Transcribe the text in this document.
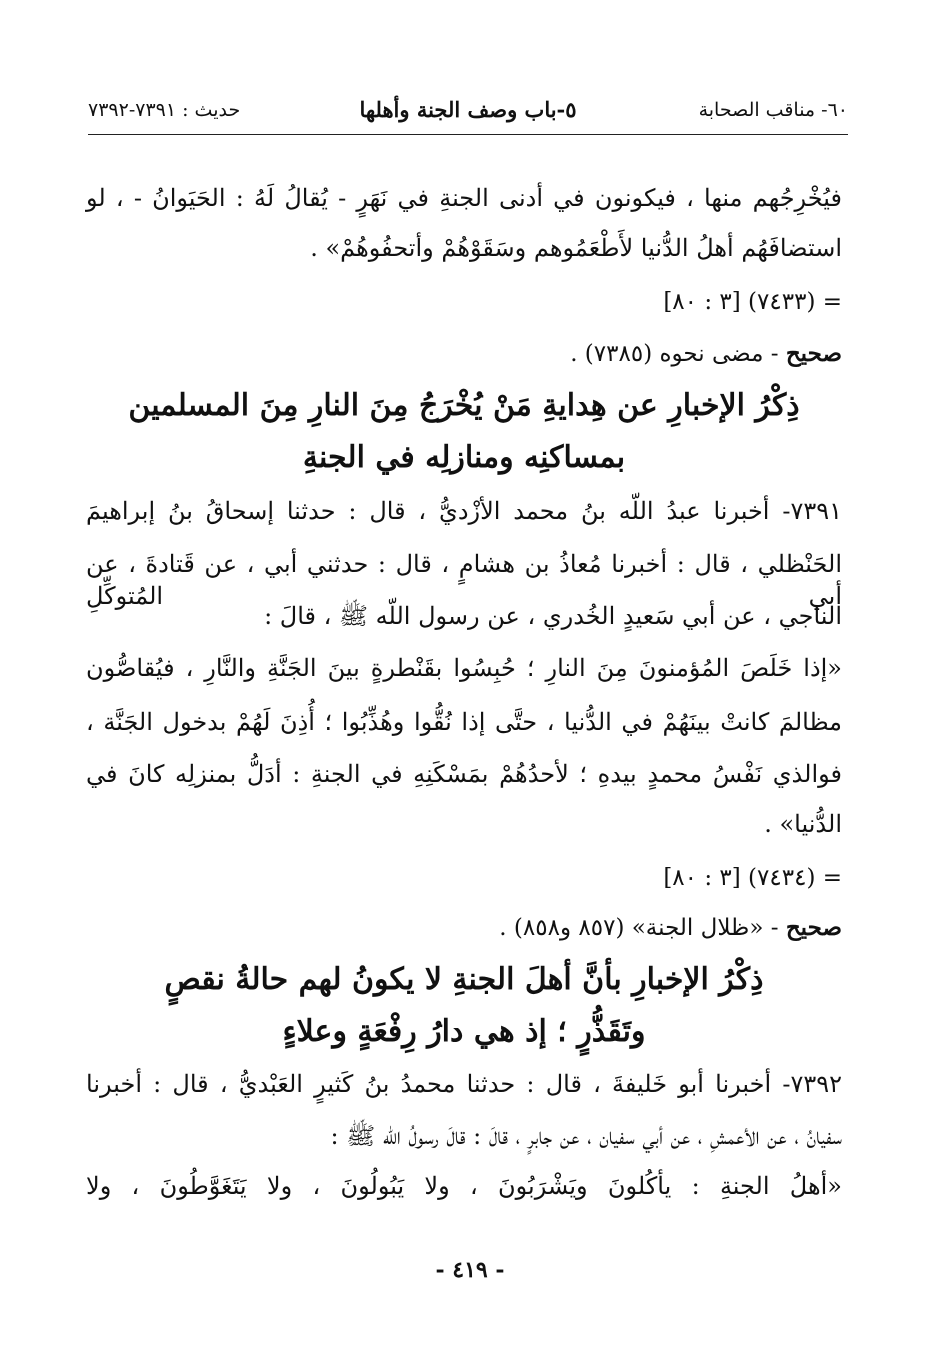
٦٠- مناقب الصحابة
٥-باب وصف الجنة وأهلها
حديث : ٧٣٩١-٧٣٩٢
فيُخْرِجُهم منها ، فيكونون في أدنى الجنةِ في نَهَرٍ - يُقالُ لَهُ : الحَيَوانُ - ، لو
استضافَهُم أهلُ الدُّنيا لأَطْعَمُوهم وسَقَوْهُمْ وأتحفُوهُمْ» .
= (٧٤٣٣) [٣ : ٨٠]
صحيح - مضى نحوه (٧٣٨٥) .
ذِكْرُ الإخبارِ عن هِدايةِ مَنْ يُخْرَجُ مِنَ النارِ مِنَ المسلمين
بمساكنِه ومنازلِه في الجنةِ
٧٣٩١- أخبرنا عبدُ اللّه بنُ محمد الأزْديُّ ، قال : حدثنا إسحاقُ بنُ إبراهيمَ
الحَنْظلي ، قال : أخبرنا مُعاذُ بن هشامٍ ، قال : حدثني أبي ، عن قَتادةَ ، عن أبي المُتوكِّلِ
الناجي ، عن أبي سَعيدٍ الخُدري ، عن رسول اللّه ﷺ ، قالَ :
«إذا خَلَصَ المُؤمنونَ مِنَ النارِ ؛ حُبِسُوا بقَنْطرةٍ بينَ الجَنَّةِ والنَّارِ ، فيُقاصُّون
مظالمَ كانتْ بينَهُمْ في الدُّنيا ، حتَّى إذا نُقُّوا وهُذِّبُوا ؛ أُذِنَ لَهُمْ بدخول الجَنَّة ،
فوالذي نَفْسُ محمدٍ بيدهِ ؛ لأحدُهُمْ بمَسْكَنِهِ في الجنةِ : أدَلُّ بمنزلِه كانَ في
الدُّنيا» .
= (٧٤٣٤) [٣ : ٨٠]
صحيح - «ظلال الجنة» (٨٥٧ و٨٥٨) .
ذِكْرُ الإخبارِ بأنَّ أهلَ الجنةِ لا يكونُ لهم حالةُ نقصٍ
وتَقَذُّرٍ ؛ إذ هي دارُ رِفْعَةٍ وعلاءٍ
٧٣٩٢- أخبرنا أبو خَليفةَ ، قال : حدثنا محمدُ بنُ كَثيرٍ العَبْديُّ ، قال : أخبرنا
سفيانُ ، عن الأعمشِ ، عن أبي سفيان ، عن جابرٍ ، قالَ : قالَ رسولُ اللّه ﷺ :
«أهلُ الجنةِ : يأكُلونَ ويَشْرَبُونَ ، ولا يَبُولُونَ ، ولا يَتَغَوَّطُونَ ، ولا
- ٤١٩ -
